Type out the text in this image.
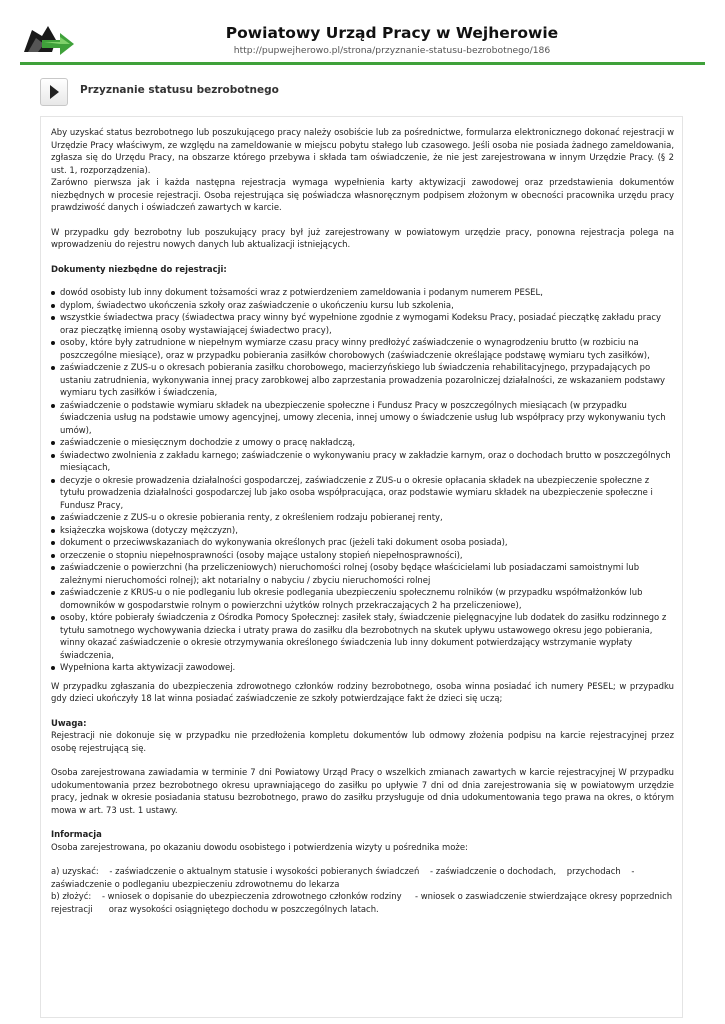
Powiatowy Urząd Pracy w Wejherowie
http://pupwejherowo.pl/strona/przyznanie-statusu-bezrobotnego/186
Przyznanie statusu bezrobotnego

Aby uzyskać status bezrobotnego lub poszukującego pracy należy osobiście lub za pośrednictwe, formularza elektronicznego dokonać rejestracji w Urzędzie Pracy właściwym, ze względu na zameldowanie w miejscu pobytu stałego lub czasowego. Jeśli osoba nie posiada żadnego zameldowania, zgłasza się do Urzędu Pracy, na obszarze którego przebywa i składa tam oświadczenie, że nie jest zarejestrowana w innym Urzędzie Pracy. (§ 2 ust. 1, rozporządzenia).

Zarówno pierwsza jak i każda następna rejestracja wymaga wypełnienia karty aktywizacji zawodowej oraz przedstawienia dokumentów niezbędnych w procesie rejestracji. Osoba rejestrująca się poświadcza własnoręcznym podpisem złożonym w obecności pracownika urzędu pracy prawdziwość danych i oświadczeń zawartych w karcie.

W przypadku gdy bezrobotny lub poszukujący pracy był już zarejestrowany w powiatowym urzędzie pracy, ponowna rejestracja polega na wprowadzeniu do rejestru nowych danych lub aktualizacji istniejących.

Dokumenty niezbędne do rejestracji:

dowód osobisty lub inny dokument tożsamości wraz z potwierdzeniem zameldowania i podanym numerem PESEL,
dyplom, świadectwo ukończenia szkoły oraz zaświadczenie o ukończeniu kursu lub szkolenia,
wszystkie świadectwa pracy (świadectwa pracy winny być wypełnione zgodnie z wymogami Kodeksu Pracy, posiadać pieczątkę zakładu pracy oraz pieczątkę imienną osoby wystawiającej świadectwo pracy),
osoby, które były zatrudnione w niepełnym wymiarze czasu pracy winny predłożyć zaświadczenie o wynagrodzeniu brutto (w rozbiciu na poszczególne miesiące), oraz w przypadku pobierania zasiłków chorobowych (zaświadczenie określające podstawę wymiaru tych zasiłków),
zaświadczenie z ZUS-u o okresach pobierania zasiłku chorobowego, macierzyńskiego lub świadczenia rehabilitacyjnego, przypadających po ustaniu zatrudnienia, wykonywania innej pracy zarobkowej albo zaprzestania prowadzenia pozarolniczej działalności, ze wskazaniem podstawy wymiaru tych zasiłków i świadczenia,
zaświadczenie o podstawie wymiaru składek na ubezpieczenie społeczne i Fundusz Pracy w poszczególnych miesiącach (w przypadku świadczenia usług na podstawie umowy agencyjnej, umowy zlecenia, innej umowy o świadczenie usług lub współpracy przy wykonywaniu tych umów),
zaświadczenie o miesięcznym dochodzie z umowy o pracę nakładczą,
świadectwo zwolnienia z zakładu karnego; zaświadczenie o wykonywaniu pracy w zakładzie karnym, oraz o dochodach brutto w poszczególnych miesiącach,
decyzje o okresie prowadzenia działalności gospodarczej, zaświadczenie z ZUS-u o okresie opłacania składek na ubezpieczenie społeczne z tytułu prowadzenia działalności gospodarczej lub jako osoba współpracująca, oraz podstawie wymiaru składek na ubezpieczenie społeczne i Fundusz Pracy,
zaświadczenie z ZUS-u o okresie pobierania renty, z określeniem rodzaju pobieranej renty,
książeczka wojskowa (dotyczy mężczyzn),
dokument o przeciwwskazaniach do wykonywania określonych prac (jeżeli taki dokument osoba posiada),
orzeczenie o stopniu niepełnosprawności (osoby mające ustalony stopień niepełnosprawności),
zaświadczenie o powierzchni (ha przeliczeniowych) nieruchomości rolnej (osoby będące właścicielami lub posiadaczami samoistnymi lub zależnymi nieruchomości rolnej); akt notarialny o nabyciu / zbyciu nieruchomości rolnej
zaświadczenie z KRUS-u o nie podleganiu lub okresie podlegania ubezpieczeniu społecznemu rolników (w przypadku współmałżonków lub domowników w gospodarstwie rolnym o powierzchni użytków rolnych przekraczających 2 ha przeliczeniowe),
osoby, które pobierały świadczenia z Ośrodka Pomocy Społecznej: zasiłek stały, świadczenie pielęgnacyjne lub dodatek do zasiłku rodzinnego z tytułu samotnego wychowywania dziecka i utraty prawa do zasiłku dla bezrobotnych na skutek upływu ustawowego okresu jego pobierania, winny okazać zaświadczenie o okresie otrzymywania określonego świadczenia lub inny dokument potwierdzający wstrzymanie wypłaty świadczenia,
Wypełniona karta aktywizacji zawodowej.

W przypadku zgłaszania do ubezpieczenia zdrowotnego członków rodziny bezrobotnego, osoba winna posiadać ich numery PESEL; w przypadku gdy dzieci ukończyły 18 lat winna posiadać zaświadczenie ze szkoły potwierdzające fakt że dzieci się uczą;

Uwaga:

Rejestracji nie dokonuje się w przypadku nie przedłożenia kompletu dokumentów lub odmowy złożenia podpisu na karcie rejestracyjnej przez osobę rejestrującą się.

Osoba zarejestrowana zawiadamia w terminie 7 dni Powiatowy Urząd Pracy o wszelkich zmianach zawartych w karcie rejestracyjnej W przypadku udokumentowania przez bezrobotnego okresu uprawniającego do zasiłku po upływie 7 dni od dnia zarejestrowania się w powiatowym urzędzie pracy, jednak w okresie posiadania statusu bezrobotnego, prawo do zasiłku przysługuje od dnia udokumentowania tego prawa na okres, o którym mowa w art. 73 ust. 1 ustawy.

Informacja

Osoba zarejestrowana, po okazaniu dowodu osobistego i potwierdzenia wizyty u pośrednika może:

a) uzyskać:    - zaświadczenie o aktualnym statusie i wysokości pobieranych świadczeń    - zaświadczenie o dochodach,    przychodach    - zaświadczenie o podleganiu ubezpieczeniu zdrowotnemu do lekarza

b) złożyć:    - wniosek o dopisanie do ubezpieczenia zdrowotnego członków rodziny     - wniosek o zaswiadczenie stwierdzające okresy poprzednich rejestracji      oraz wysokości osiągniętego dochodu w poszczególnych latach.
